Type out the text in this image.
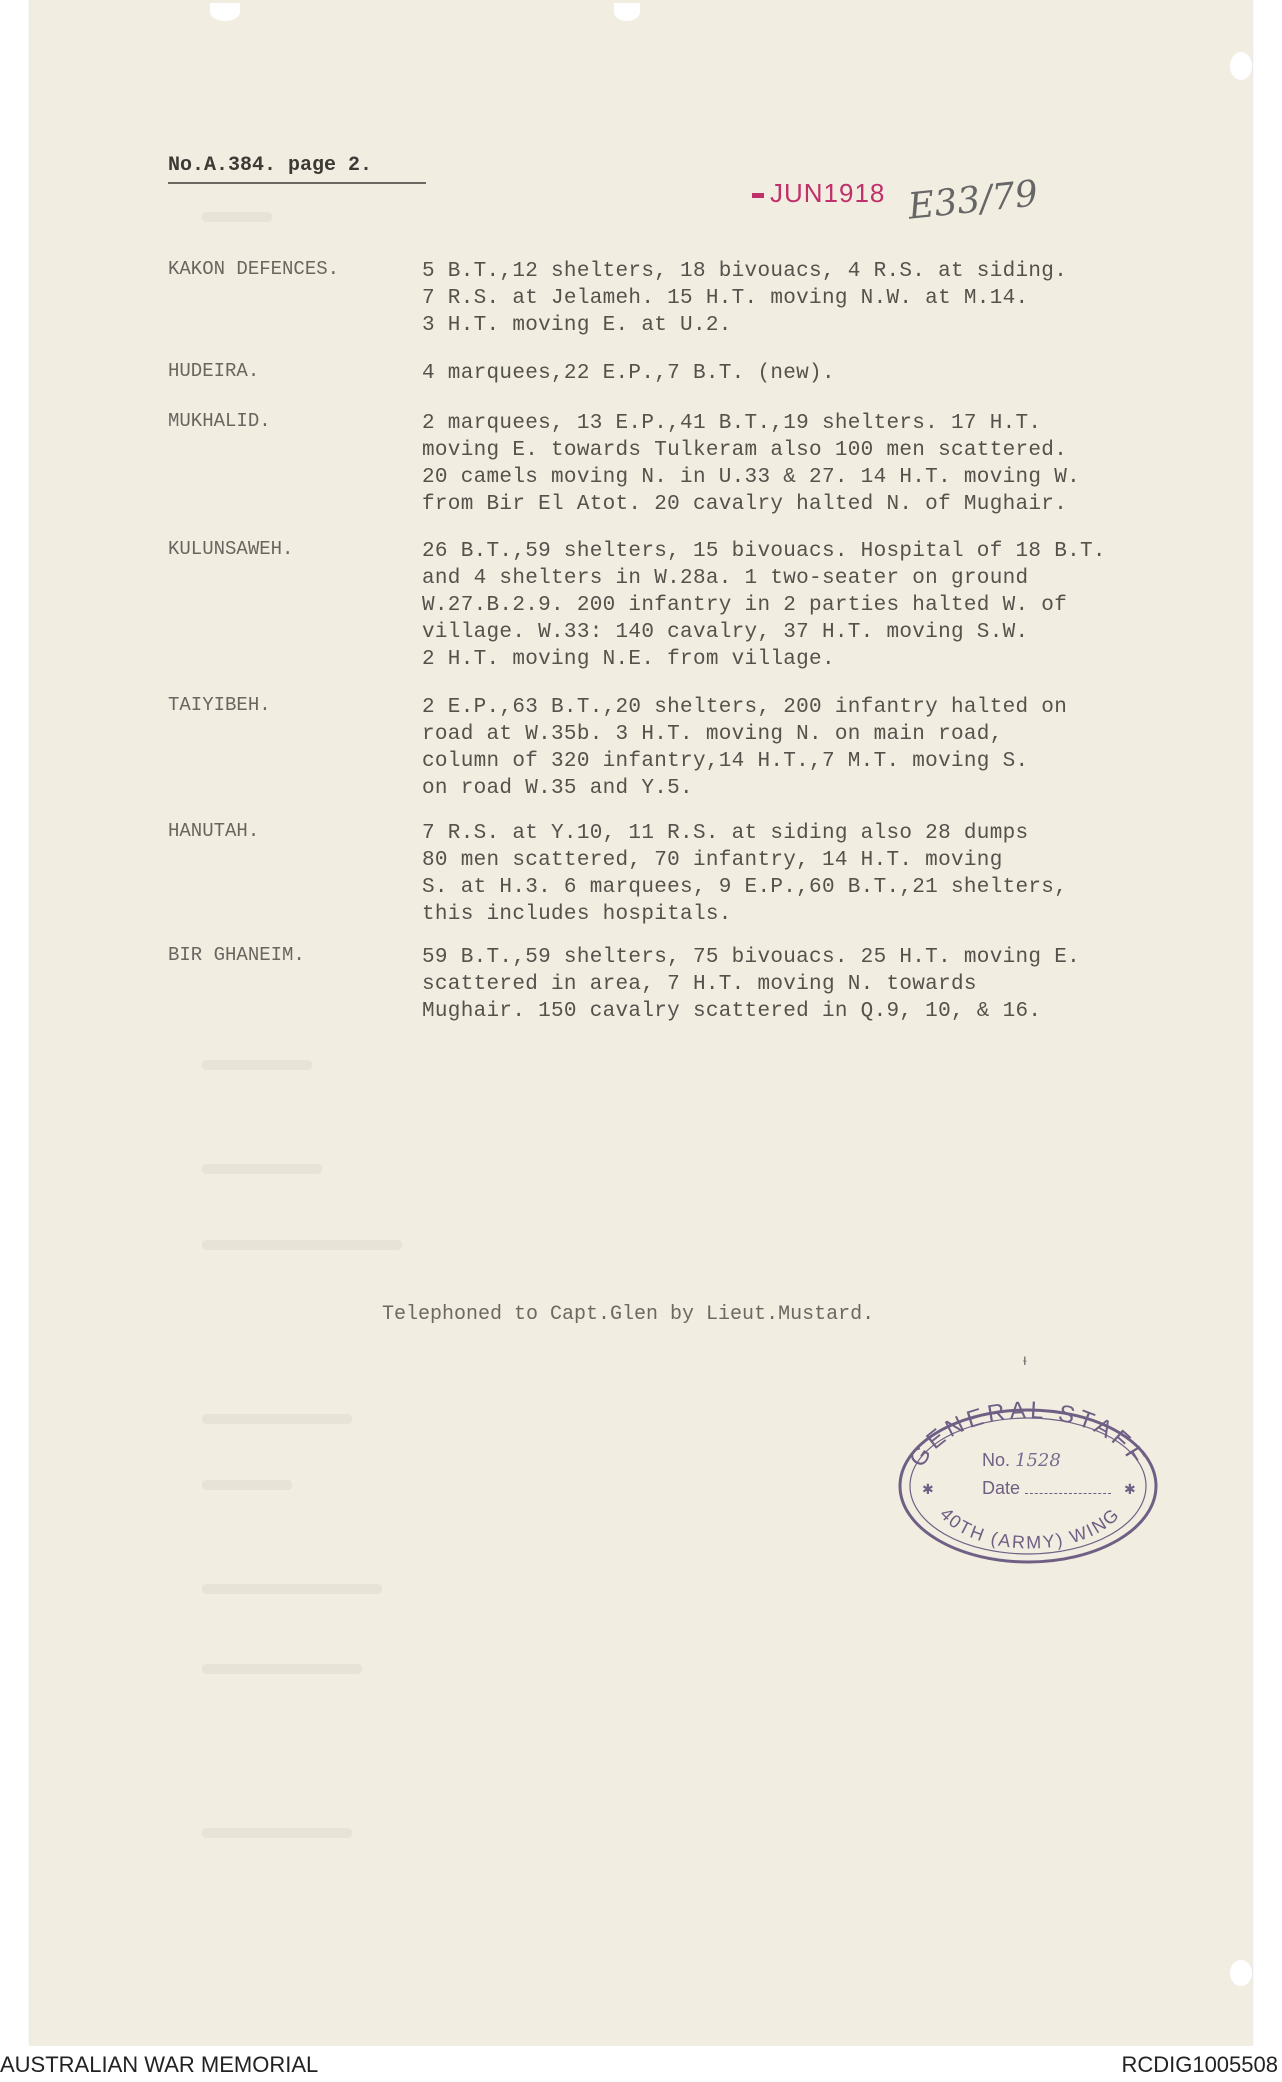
No.A.384. page 2.
JUN1918 E33/79
KAKON DEFENCES.	5 B.T.,12 shelters, 18 bivouacs, 4 R.S. at siding.
7 R.S. at Jelameh. 15 H.T. moving N.W. at M.14.
3 H.T. moving E. at U.2.
HUDEIRA.	4 marquees,22 E.P.,7 B.T. (new).
MUKHALID.	2 marquees, 13 E.P.,41 B.T.,19 shelters. 17 H.T.
moving E. towards Tulkeram also 100 men scattered.
20 camels moving N. in U.33 & 27. 14 H.T. moving W.
from Bir El Atot. 20 cavalry halted N. of Mughair.
KULUNSAWEH.	26 B.T.,59 shelters, 15 bivouacs. Hospital of 18 B.T.
and 4 shelters in W.28a. 1 two-seater on ground
W.27.B.2.9. 200 infantry in 2 parties halted W. of
village. W.33: 140 cavalry, 37 H.T. moving S.W.
2 H.T. moving N.E. from village.
TAIYIBEH.	2 E.P.,63 B.T.,20 shelters, 200 infantry halted on
road at W.35b. 3 H.T. moving N. on main road,
column of 320 infantry,14 H.T.,7 M.T. moving S.
on road W.35 and Y.5.
HANUTAH.	7 R.S. at Y.10, 11 R.S. at siding also 28 dumps
80 men scattered, 70 infantry, 14 H.T. moving
S. at H.3. 6 marquees, 9 E.P.,60 B.T.,21 shelters,
this includes hospitals.
BIR GHANEIM.	59 B.T.,59 shelters, 75 bivouacs. 25 H.T. moving E.
scattered in area, 7 H.T. moving N. towards
Mughair. 150 cavalry scattered in Q.9, 10, & 16.
Telephoned to Capt.Glen by Lieut.Mustard.
ᵻ
GENERAL STAFF
40TH (ARMY) WING
✱	✱
No. 1528
Date
AUSTRALIAN WAR MEMORIAL	RCDIG1005508
